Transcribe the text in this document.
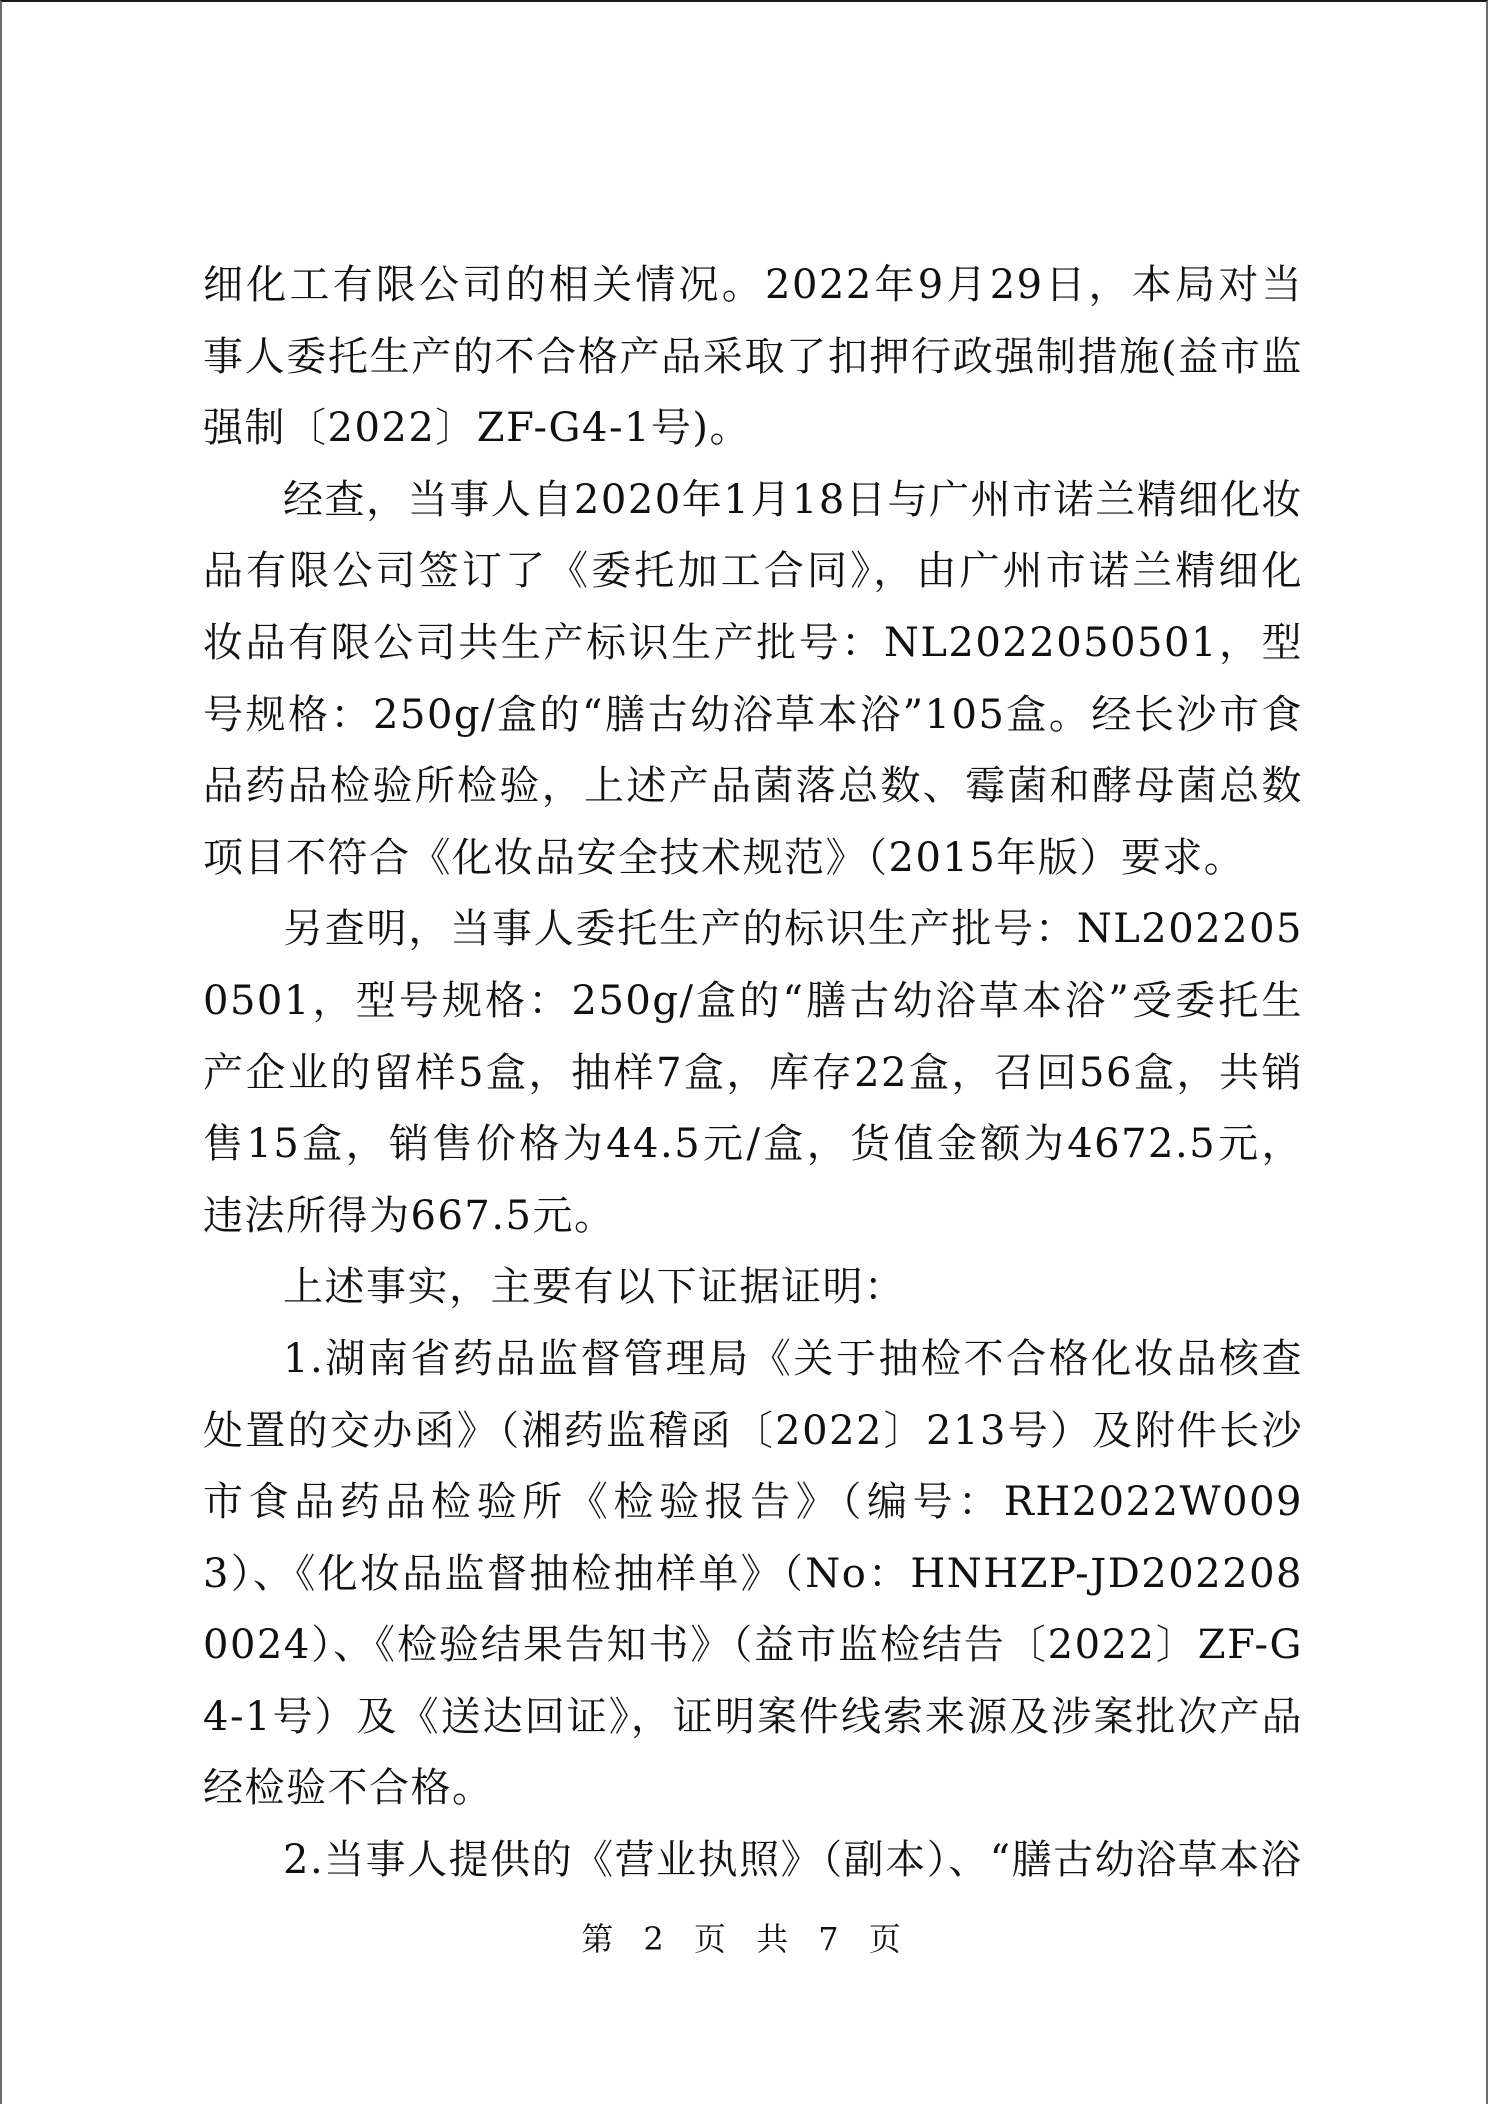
细化工有限公司的相关情况。2022年9月29日，本局对当事人委托生产的不合格产品采取了扣押行政强制措施(益市监强制〔2022〕ZF-G4-1号)。

经查，当事人自2020年1月18日与广州市诺兰精细化妆品有限公司签订了《委托加工合同》，由广州市诺兰精细化妆品有限公司共生产标识生产批号：NL2022050501，型号规格：250g/盒的“膳古幼浴草本浴”105盒。经长沙市食品药品检验所检验，上述产品菌落总数、霉菌和酵母菌总数项目不符合《化妆品安全技术规范》（2015年版）要求。

另查明，当事人委托生产的标识生产批号：NL2022050501，型号规格：250g/盒的“膳古幼浴草本浴”受委托生产企业的留样5盒，抽样7盒，库存22盒，召回56盒，共销售15盒，销售价格为44.5元/盒，货值金额为4672.5元，违法所得为667.5元。

上述事实，主要有以下证据证明：

1.湖南省药品监督管理局《关于抽检不合格化妆品核查处置的交办函》（湘药监稽函〔2022〕213号）及附件长沙市食品药品检验所《检验报告》（编号：RH2022W0093）、《化妆品监督抽检抽样单》（No：HNHZP-JD2022080024）、《检验结果告知书》（益市监检结告〔2022〕ZF-G4-1号）及《送达回证》，证明案件线索来源及涉案批次产品经检验不合格。

2.当事人提供的《营业执照》（副本）、“膳古幼浴草本浴

第 2 页 共 7 页
